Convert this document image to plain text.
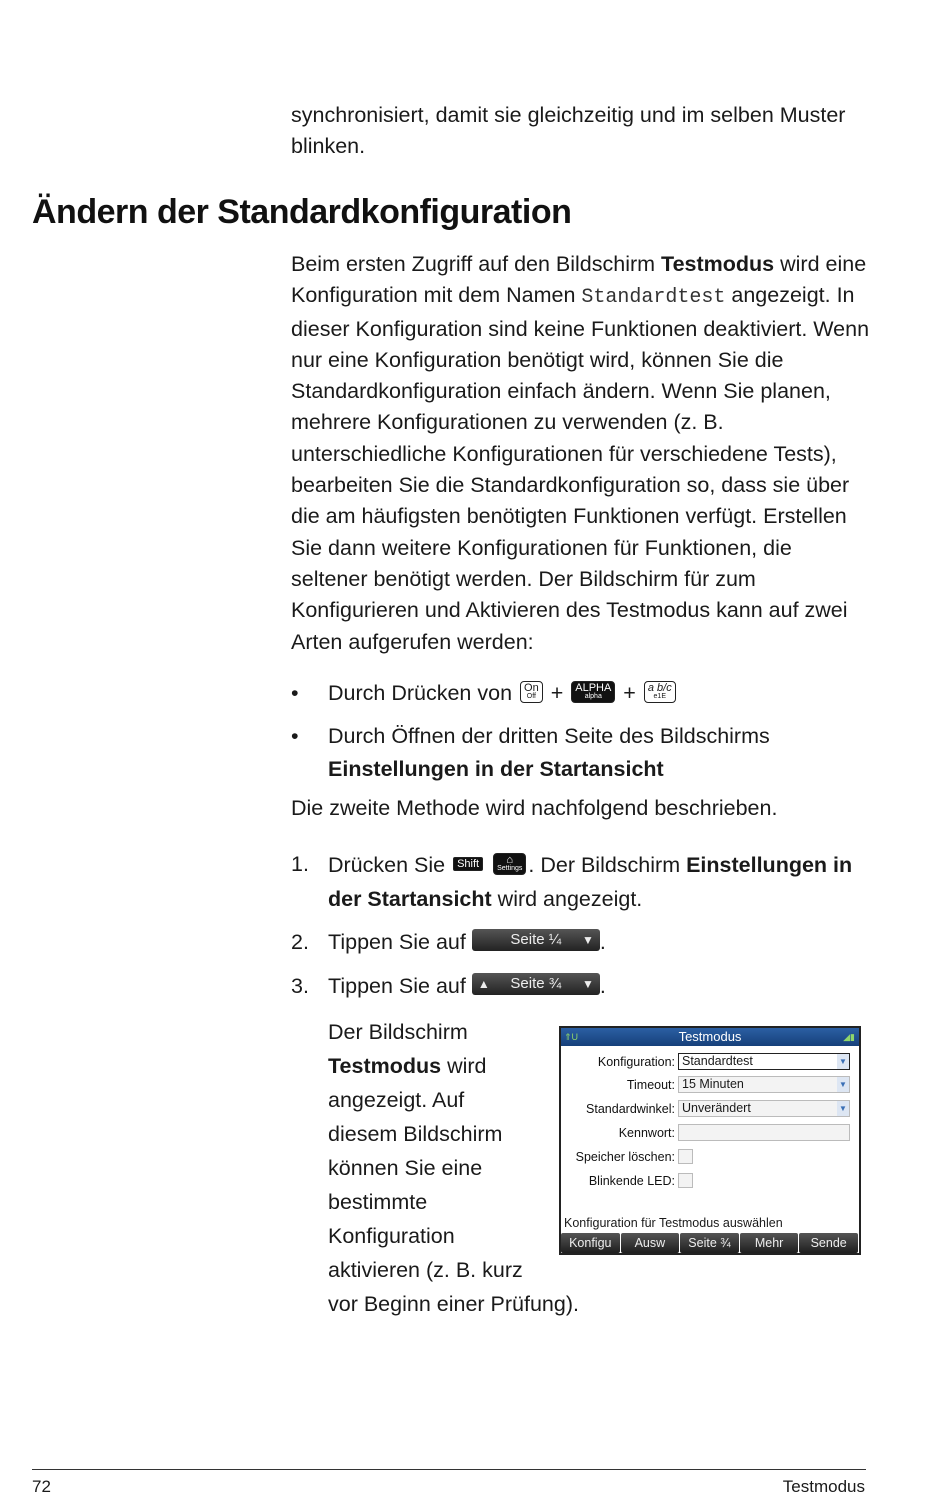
synchronisiert, damit sie gleichzeitig und im selben Muster

blinken.

Ändern der Standardkonfiguration

Beim ersten Zugriff auf den Bildschirm Testmodus wird eine Konfiguration mit dem Namen Standardtest angezeigt. In dieser Konfiguration sind keine Funktionen deaktiviert. Wenn nur eine Konfiguration benötigt wird, können Sie die Standardkonfiguration einfach ändern. Wenn Sie planen, mehrere Konfigurationen zu verwenden (z. B. unterschiedliche Konfigurationen für verschiedene Tests), bearbeiten Sie die Standardkonfiguration so, dass sie über die am häufigsten benötigten Funktionen verfügt. Erstellen Sie dann weitere Konfigurationen für Funktionen, die seltener benötigt werden. Der Bildschirm für zum Konfigurieren und Aktivieren des Testmodus kann auf zwei Arten aufgerufen werden:

• Durch Drücken von On
Off + ALPHA
alpha + a b/c
e1E
• Durch Öffnen der dritten Seite des Bildschirms
Einstellungen in der Startansicht

Die zweite Methode wird nachfolgend beschrieben.

1. Drücken Sie Shift ⌂
Settings . Der Bildschirm Einstellungen in der Startansicht wird angezeigt.
2. Tippen Sie auf	Seite ¼ ▼ .
3. Tippen Sie auf ▲ Seite ¾ ▼ .
Der Bildschirm
Testmodus wird
angezeigt. Auf
diesem Bildschirm
können Sie eine
bestimmte
Konfiguration
aktivieren (z. B. kurz
vor Beginn einer Prüfung).
⇑U	Testmodus	◢▮
Konfiguration: Standardtest	▼
Timeout: 15 Minuten	▼
Standardwinkel: Unverändert	▼
Kennwort:
Speicher löschen:
Blinkende LED:
Konfiguration für Testmodus auswählen
Konfigu	Ausw	Seite ¾	Mehr	Sende
72	Testmodus
